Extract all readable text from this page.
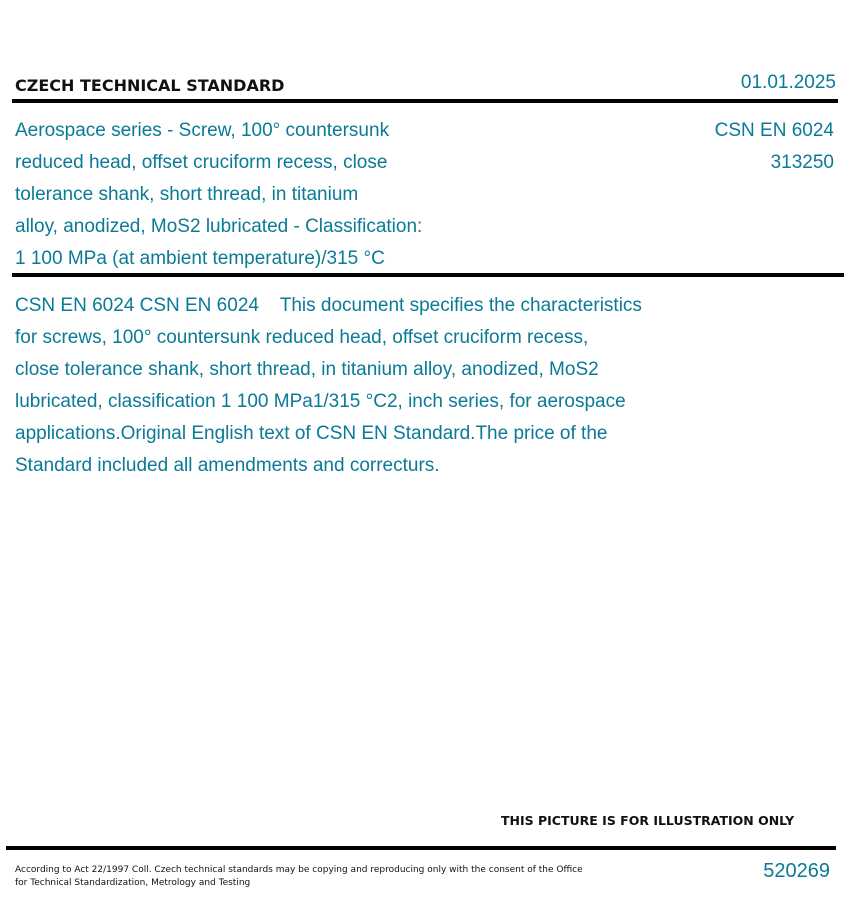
CZECH TECHNICAL STANDARD	01.01.2025
Aerospace series - Screw, 100° countersunk
reduced head, offset cruciform recess, close
tolerance shank, short thread, in titanium
alloy, anodized, MoS2 lubricated - Classification:
1 100 MPa (at ambient temperature)/315 °C
CSN EN 6024
313250
CSN EN 6024 CSN EN 6024    This document specifies the characteristics
for screws, 100° countersunk reduced head, offset cruciform recess,
close tolerance shank, short thread, in titanium alloy, anodized, MoS2
lubricated, classification 1 100 MPa1/315 °C2, inch series, for aerospace
applications.Original English text of CSN EN Standard.The price of the
Standard included all amendments and correcturs.
THIS PICTURE IS FOR ILLUSTRATION ONLY
According to Act 22/1997 Coll. Czech technical standards may be copying and reproducing only with the consent of the Office
for Technical Standardization, Metrology and Testing
520269
